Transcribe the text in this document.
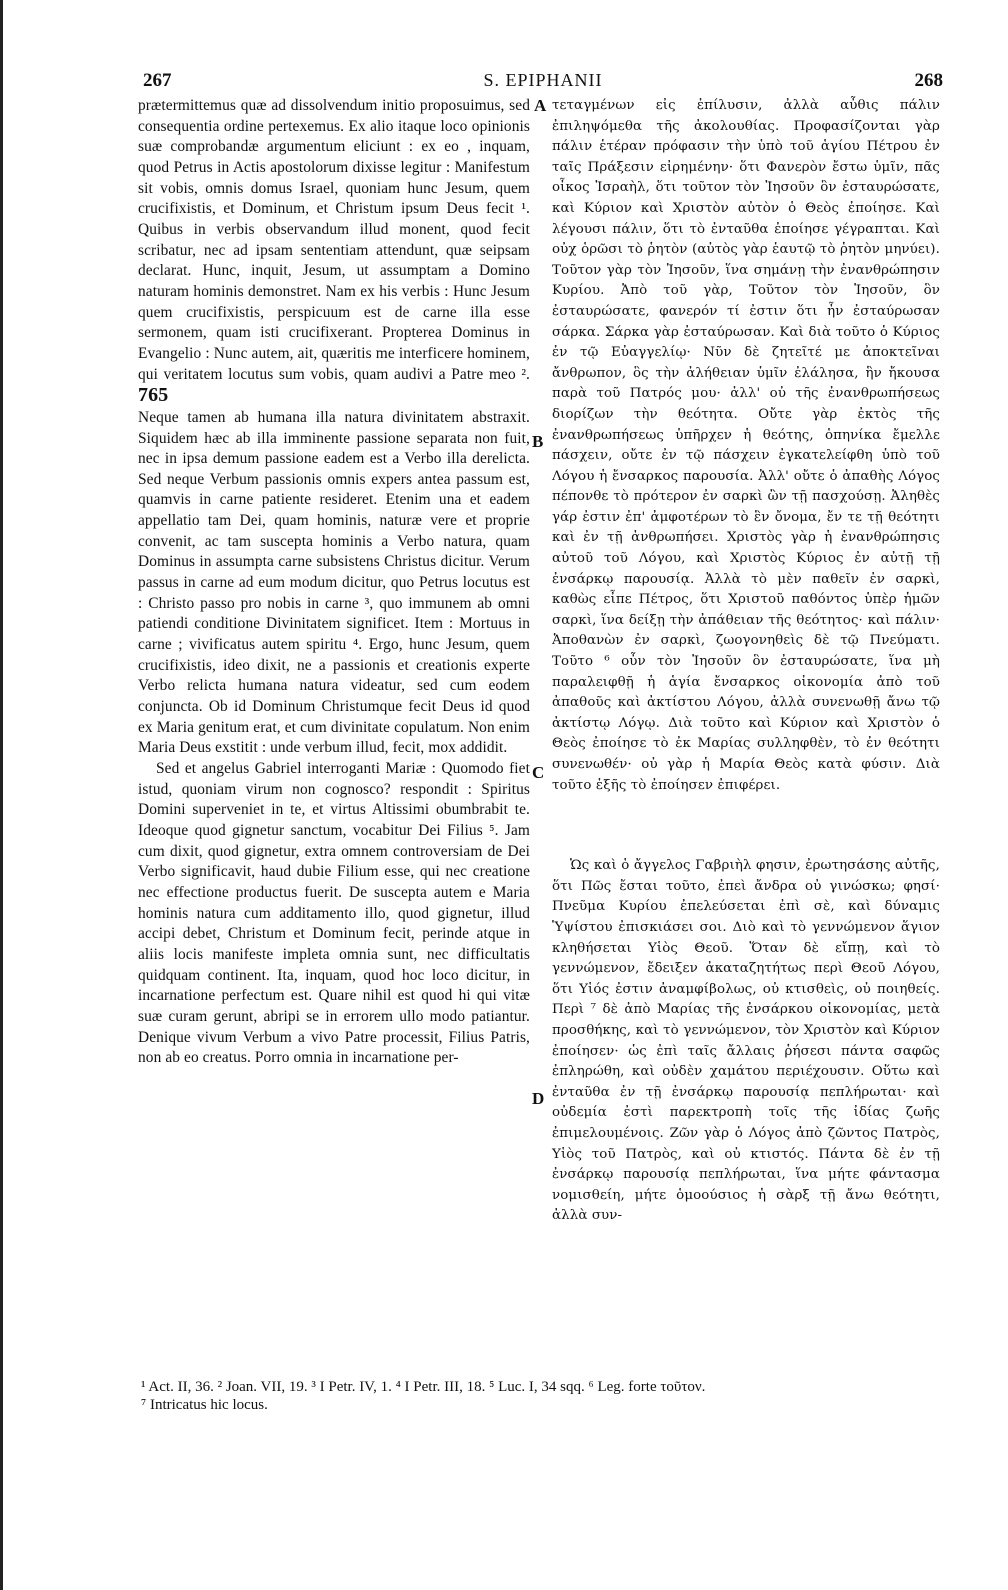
267	S. EPIPHANII	268

prætermittemus quæ ad dissolvendum initio proposuimus, sed consequentia ordine pertexemus. Ex alio itaque loco opinionis suæ comprobandæ argumentum eliciunt : ex eo , inquam, quod Petrus in Actis apostolorum dixisse legitur : Manifestum sit vobis, omnis domus Israel, quoniam hunc Jesum, quem crucifixistis, et Dominum, et Christum ipsum Deus fecit ¹. Quibus in verbis observandum illud monent, quod fecit scribatur, nec ad ipsam sententiam attendunt, quæ seipsam declarat. Hunc, inquit, Jesum, ut assumptam a Domino naturam hominis demonstret. Nam ex his verbis : Hunc Jesum quem crucifixistis, perspicuum est de carne illa esse sermonem, quam isti crucifixerant. Propterea Dominus in Evangelio : Nunc autem, ait, quæritis me interficere hominem, qui veritatem locutus sum vobis, quam audivi a Patre meo ². 765

Neque tamen ab humana illa natura divinitatem abstraxit. Siquidem hæc ab illa imminente passione separata non fuit, nec in ipsa demum passione eadem est a Verbo illa derelicta. Sed neque Verbum passionis omnis expers antea passum est, quamvis in carne patiente resideret. Etenim una et eadem appellatio tam Dei, quam hominis, naturæ vere et proprie convenit, ac tam suscepta hominis a Verbo natura, quam Dominus in assumpta carne subsistens Christus dicitur. Verum passus in carne ad eum modum dicitur, quo Petrus locutus est : Christo passo pro nobis in carne ³, quo immunem ab omni patiendi conditione Divinitatem significet. Item : Mortuus in carne ; vivificatus autem spiritu ⁴. Ergo, hunc Jesum, quem crucifixistis, ideo dixit, ne a passionis et creationis experte Verbo relicta humana natura videatur, sed cum eodem conjuncta. Ob id Dominum Christumque fecit Deus id quod ex Maria genitum erat, et cum divinitate copulatum. Non enim Maria Deus exstitit : unde verbum illud, fecit, mox addidit.

Sed et angelus Gabriel interroganti Mariæ : Quomodo fiet istud, quoniam virum non cognosco? respondit : Spiritus Domini superveniet in te, et virtus Altissimi obumbrabit te. Ideoque quod gignetur sanctum, vocabitur Dei Filius ⁵. Jam cum dixit, quod gignetur, extra omnem controversiam de Dei Verbo significavit, haud dubie Filium esse, qui nec creatione nec effectione productus fuerit. De suscepta autem e Maria hominis natura cum additamento illo, quod gignetur, illud accipi debet, Christum et Dominum fecit, perinde atque in aliis locis manifeste impleta omnia sunt, nec difficultatis quidquam continent. Ita, inquam, quod hoc loco dicitur, in incarnatione perfectum est. Quare nihil est quod hi qui vitæ suæ curam gerunt, abripi se in errorem ullo modo patiantur. Denique vivum Verbum a vivo Patre processit, Filius Patris, non ab eo creatus. Porro omnia in incarnatione per-

A
B
C
D

τεταγμένων εἰς ἐπίλυσιν, ἀλλὰ αὖθις πάλιν ἐπιληψόμεθα τῆς ἀκολουθίας. Προφασίζονται γὰρ πάλιν ἑτέραν πρόφασιν τὴν ὑπὸ τοῦ ἁγίου Πέτρου ἐν ταῖς Πράξεσιν εἰρημένην· ὅτι Φανερὸν ἔστω ὑμῖν, πᾶς οἶκος Ἰσραὴλ, ὅτι τοῦτον τὸν Ἰησοῦν ὃν ἐσταυρώσατε, καὶ Κύριον καὶ Χριστὸν αὐτὸν ὁ Θεὸς ἐποίησε. Καὶ λέγουσι πάλιν, ὅτι τὸ ἐνταῦθα ἐποίησε γέγραπται. Καὶ οὐχ ὁρῶσι τὸ ῥητὸν (αὐτὸς γὰρ ἑαυτῷ τὸ ῥητὸν μηνύει). Τοῦτον γὰρ τὸν Ἰησοῦν, ἵνα σημάνῃ τὴν ἐνανθρώπησιν Κυρίου. Ἀπὸ τοῦ γὰρ, Τοῦτον τὸν Ἰησοῦν, ὃν ἐσταυρώσατε, φανερόν τί ἐστιν ὅτι ἦν ἐσταύρωσαν σάρκα. Σάρκα γὰρ ἐσταύρωσαν. Καὶ διὰ τοῦτο ὁ Κύριος ἐν τῷ Εὐαγγελίῳ· Νῦν δὲ ζητεῖτέ με ἀποκτεῖναι ἄνθρωπον, ὃς τὴν ἀλήθειαν ὑμῖν ἐλάλησα, ἣν ἤκουσα παρὰ τοῦ Πατρός μου· ἀλλ' οὐ τῆς ἐνανθρωπήσεως διορίζων τὴν θεότητα. Οὔτε γὰρ ἐκτὸς τῆς ἐνανθρωπήσεως ὑπῆρχεν ἡ θεότης, ὁπηνίκα ἔμελλε πάσχειν, οὔτε ἐν τῷ πάσχειν ἐγκατελείφθη ὑπὸ τοῦ Λόγου ἡ ἔνσαρκος παρουσία. Ἀλλ' οὔτε ὁ ἀπαθὴς Λόγος πέπονθε τὸ πρότερον ἐν σαρκὶ ὢν τῇ πασχούσῃ. Ἀληθὲς γάρ ἐστιν ἐπ' ἀμφοτέρων τὸ ἓν ὄνομα, ἔν τε τῇ θεότητι καὶ ἐν τῇ ἀνθρωπήσει. Χριστὸς γὰρ ἡ ἐνανθρώπησις αὐτοῦ τοῦ Λόγου, καὶ Χριστὸς Κύριος ἐν αὐτῇ τῇ ἐνσάρκῳ παρουσίᾳ. Ἀλλὰ τὸ μὲν παθεῖν ἐν σαρκὶ, καθὼς εἶπε Πέτρος, ὅτι Χριστοῦ παθόντος ὑπὲρ ἡμῶν σαρκὶ, ἵνα δείξῃ τὴν ἀπάθειαν τῆς θεότητος· καὶ πάλιν· Ἀποθανὼν ἐν σαρκὶ, ζωογονηθεὶς δὲ τῷ Πνεύματι. Τοῦτο ⁶ οὖν τὸν Ἰησοῦν ὃν ἐσταυρώσατε, ἵνα μὴ παραλειφθῇ ἡ ἁγία ἔνσαρκος οἰκονομία ἀπὸ τοῦ ἀπαθοῦς καὶ ἀκτίστου Λόγου, ἀλλὰ συνενωθῇ ἄνω τῷ ἀκτίστῳ Λόγῳ. Διὰ τοῦτο καὶ Κύριον καὶ Χριστὸν ὁ Θεὸς ἐποίησε τὸ ἐκ Μαρίας συλληφθὲν, τὸ ἐν θεότητι συνενωθέν· οὐ γὰρ ἡ Μαρία Θεὸς κατὰ φύσιν. Διὰ τοῦτο ἑξῆς τὸ ἐποίησεν ἐπιφέρει.

Ὡς καὶ ὁ ἄγγελος Γαβριὴλ φησιν, ἐρωτησάσης αὐτῆς, ὅτι Πῶς ἔσται τοῦτο, ἐπεὶ ἄνδρα οὐ γινώσκω; φησί· Πνεῦμα Κυρίου ἐπελεύσεται ἐπὶ σὲ, καὶ δύναμις Ὑψίστου ἐπισκιάσει σοι. Διὸ καὶ τὸ γεννώμενον ἅγιον κληθήσεται Υἱὸς Θεοῦ. Ὅταν δὲ εἴπῃ, καὶ τὸ γεννώμενον, ἔδειξεν ἀκαταζητήτως περὶ Θεοῦ Λόγου, ὅτι Υἱός ἐστιν ἀναμφίβολως, οὐ κτισθεὶς, οὐ ποιηθείς. Περὶ ⁷ δὲ ἀπὸ Μαρίας τῆς ἐνσάρκου οἰκονομίας, μετὰ προσθήκης, καὶ τὸ γεννώμενον, τὸν Χριστὸν καὶ Κύριον ἐποίησεν· ὡς ἐπὶ ταῖς ἄλλαις ῥήσεσι πάντα σαφῶς ἐπληρώθη, καὶ οὐδὲν χαμάτου περιέχουσιν. Οὕτω καὶ ἐνταῦθα ἐν τῇ ἐνσάρκῳ παρουσίᾳ πεπλήρωται· καὶ οὐδεμία ἐστὶ παρεκτροπὴ τοῖς τῆς ἰδίας ζωῆς ἐπιμελουμένοις. Ζῶν γὰρ ὁ Λόγος ἀπὸ ζῶντος Πατρὸς, Υἱὸς τοῦ Πατρὸς, καὶ οὐ κτιστός. Πάντα δὲ ἐν τῇ ἐνσάρκῳ παρουσίᾳ πεπλήρωται, ἵνα μήτε φάντασμα νομισθείη, μήτε ὁμοούσιος ἡ σὰρξ τῇ ἄνω θεότητι, ἀλλὰ συν-

¹ Act. II, 36. ² Joan. VII, 19. ³ I Petr. IV, 1. ⁴ I Petr. III, 18. ⁵ Luc. I, 34 sqq. ⁶ Leg. forte τοῦτον.

⁷ Intricatus hic locus.
